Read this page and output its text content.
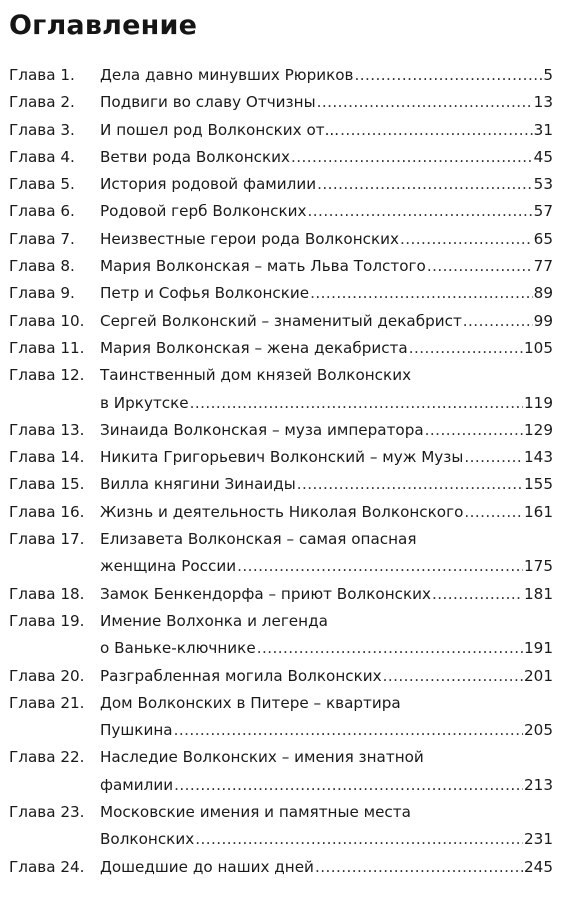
Оглавление
Глава 1.	Дела давно минувших Рюриков . . .	5
Глава 2.	Подвиги во славу Отчизны . . .	13
Глава 3.	И пошел род Волконских от... . . .	31
Глава 4.	Ветви рода Волконских . . .	45
Глава 5.	История родовой фамилии . . .	53
Глава 6.	Родовой герб Волконских . . .	57
Глава 7.	Неизвестные герои рода Волконских . . .	65
Глава 8.	Мария Волконская – мать Льва Толстого . . .	77
Глава 9.	Петр и Софья Волконские . . .	89
Глава 10.	Сергей Волконский – знаменитый декабрист . . .	99
Глава 11.	Мария Волконская – жена декабриста . . .	105
Глава 12.	Таинственный дом князей Волконских
в Иркутске . . .	119
Глава 13.	Зинаида Волконская – муза императора . . .	129
Глава 14.	Никита Григорьевич Волконский – муж Музы . . .	143
Глава 15.	Вилла княгини Зинаиды . . .	155
Глава 16.	Жизнь и деятельность Николая Волконского . . .	161
Глава 17.	Елизавета Волконская – самая опасная
женщина России . . .	175
Глава 18.	Замок Бенкендорфа – приют Волконских . . .	181
Глава 19.	Имение Волхонка и легенда
о Ваньке-ключнике . . .	191
Глава 20.	Разграбленная могила Волконских . . .	201
Глава 21.	Дом Волконских в Питере – квартира
Пушкина . . .	205
Глава 22.	Наследие Волконских – имения знатной
фамилии . . .	213
Глава 23.	Московские имения и памятные места
Волконских . . .	231
Глава 24.	Дошедшие до наших дней . . .	245
